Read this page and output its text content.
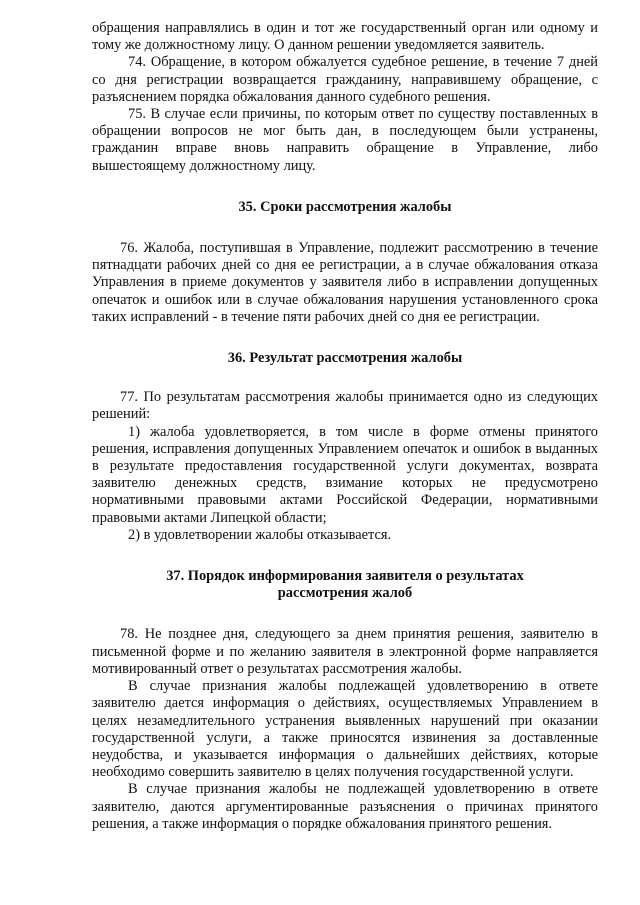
обращения направлялись в один и тот же государственный орган или одному и тому же должностному лицу. О данном решении уведомляется заявитель.

74. Обращение, в котором обжалуется судебное решение, в течение 7 дней со дня регистрации возвращается гражданину, направившему обращение, с разъяснением порядка обжалования данного судебного решения.

75. В случае если причины, по которым ответ по существу поставленных в обращении вопросов не мог быть дан, в последующем были устранены, гражданин вправе вновь направить обращение в Управление, либо вышестоящему должностному лицу.

35. Сроки рассмотрения жалобы

76. Жалоба, поступившая в Управление, подлежит рассмотрению в течение пятнадцати рабочих дней со дня ее регистрации, а в случае обжалования отказа Управления в приеме документов у заявителя либо в исправлении допущенных опечаток и ошибок или в случае обжалования нарушения установленного срока таких исправлений - в течение пяти рабочих дней со дня ее регистрации.

36. Результат рассмотрения жалобы

77. По результатам рассмотрения жалобы принимается одно из следующих решений:

1) жалоба удовлетворяется, в том числе в форме отмены принятого решения, исправления допущенных Управлением опечаток и ошибок в выданных в результате предоставления государственной услуги документах, возврата заявителю денежных средств, взимание которых не предусмотрено нормативными правовыми актами Российской Федерации, нормативными правовыми актами Липецкой области;

2) в удовлетворении жалобы отказывается.

37. Порядок информирования заявителя о результатах
рассмотрения жалоб

78. Не позднее дня, следующего за днем принятия решения, заявителю в письменной форме и по желанию заявителя в электронной форме направляется мотивированный ответ о результатах рассмотрения жалобы.

В случае признания жалобы подлежащей удовлетворению в ответе заявителю дается информация о действиях, осуществляемых Управлением в целях незамедлительного устранения выявленных нарушений при оказании государственной услуги, а также приносятся извинения за доставленные неудобства, и указывается информация о дальнейших действиях, которые необходимо совершить заявителю в целях получения государственной услуги.

В случае признания жалобы не подлежащей удовлетворению в ответе заявителю, даются аргументированные разъяснения о причинах принятого решения, а также информация о порядке обжалования принятого решения.
